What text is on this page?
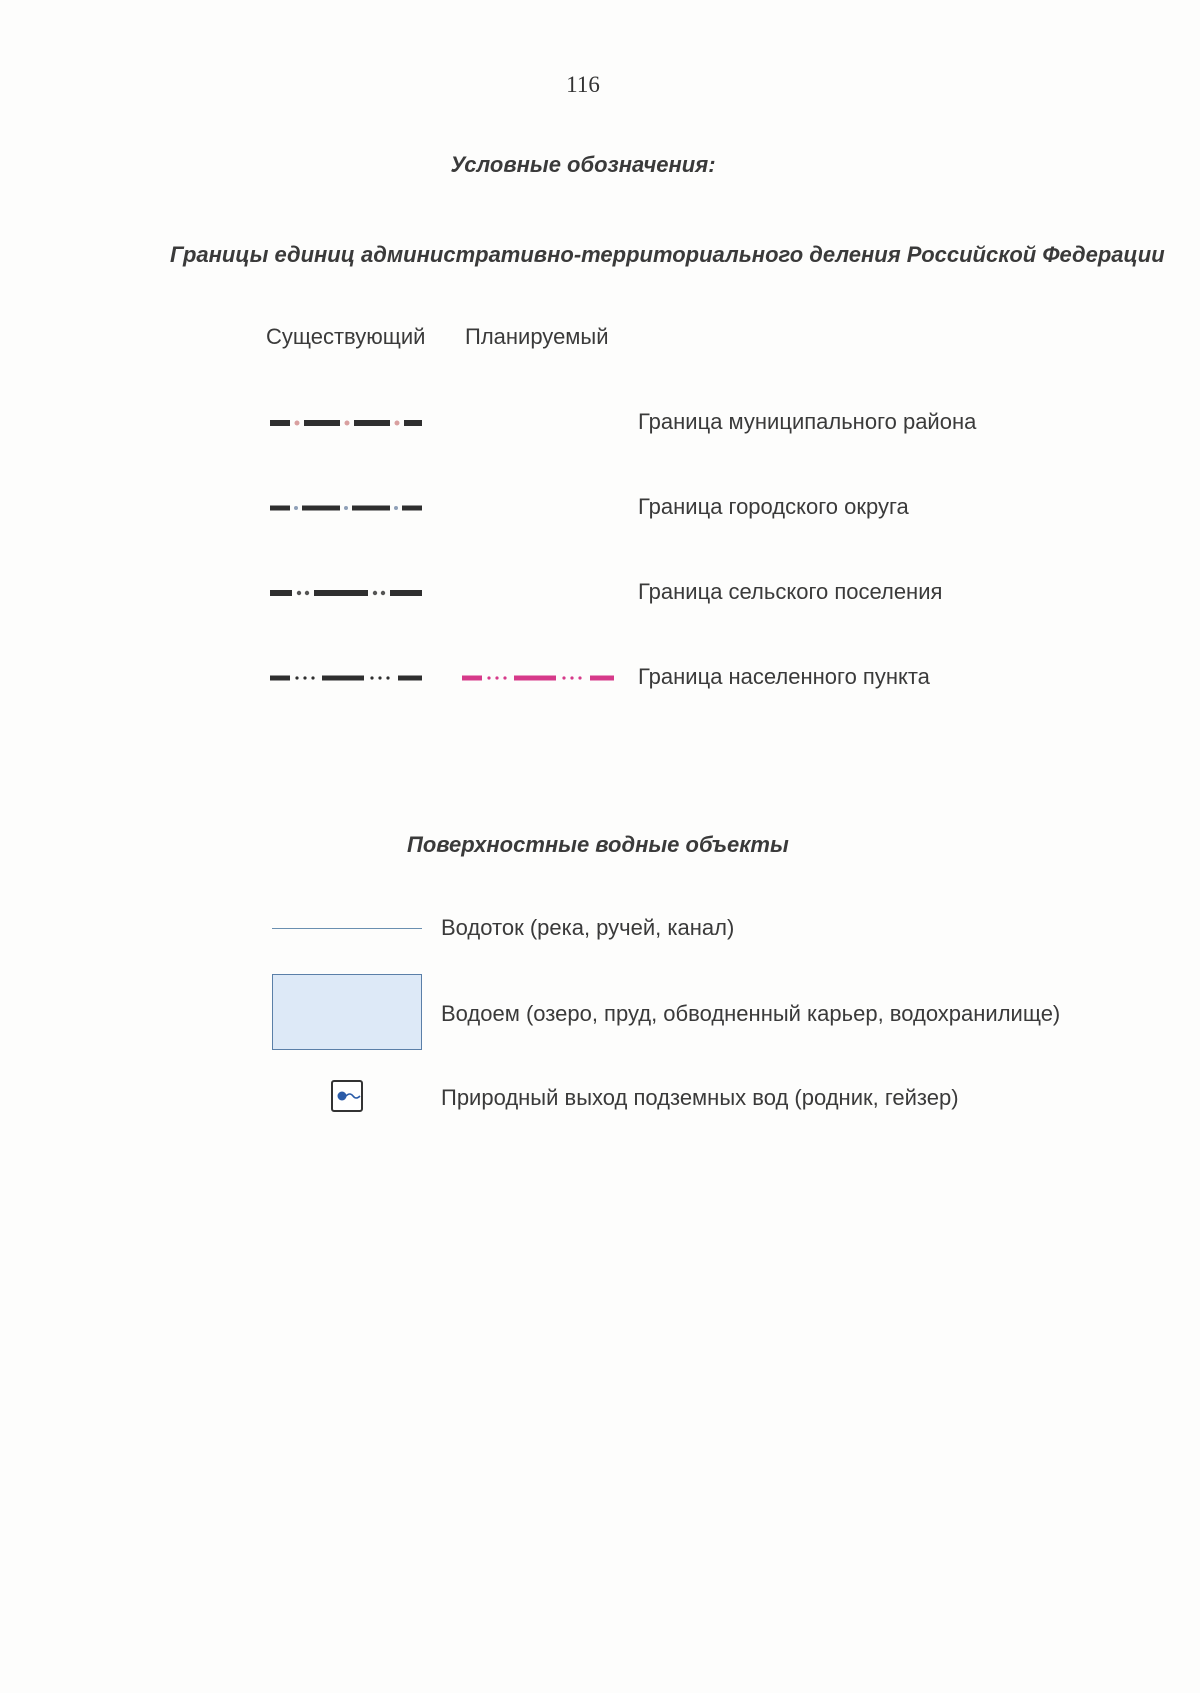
116
Условные обозначения:
Границы единиц административно-территориального деления Российской Федерации
Существующий Планируемый
Граница муниципального района
Граница городского округа
Граница сельского поселения
Граница населенного пункта
Поверхностные водные объекты
Водоток (река, ручей, канал)
Водоем (озеро, пруд, обводненный карьер, водохранилище)
Природный выход подземных вод (родник, гейзер)
